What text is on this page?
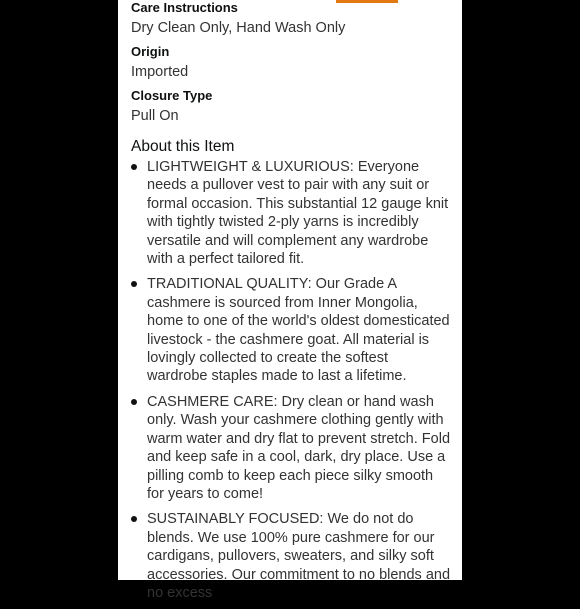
Care Instructions
Dry Clean Only, Hand Wash Only
Origin
Imported
Closure Type
Pull On
About this Item
LIGHTWEIGHT & LUXURIOUS: Everyone needs a pullover vest to pair with any suit or formal occasion. This substantial 12 gauge knit with tightly twisted 2-ply yarns is incredibly versatile and will complement any wardrobe with a perfect tailored fit.
TRADITIONAL QUALITY: Our Grade A cashmere is sourced from Inner Mongolia, home to one of the world's oldest domesticated livestock - the cashmere goat. All material is lovingly collected to create the softest wardrobe staples made to last a lifetime.
CASHMERE CARE: Dry clean or hand wash only. Wash your cashmere clothing gently with warm water and dry flat to prevent stretch. Fold and keep safe in a cool, dark, dry place. Use a pilling comb to keep each piece silky smooth for years to come!
SUSTAINABLY FOCUSED: We do not do blends. We use 100% pure cashmere for our cardigans, pullovers, sweaters, and silky soft accessories. Our commitment to no blends and no excess
